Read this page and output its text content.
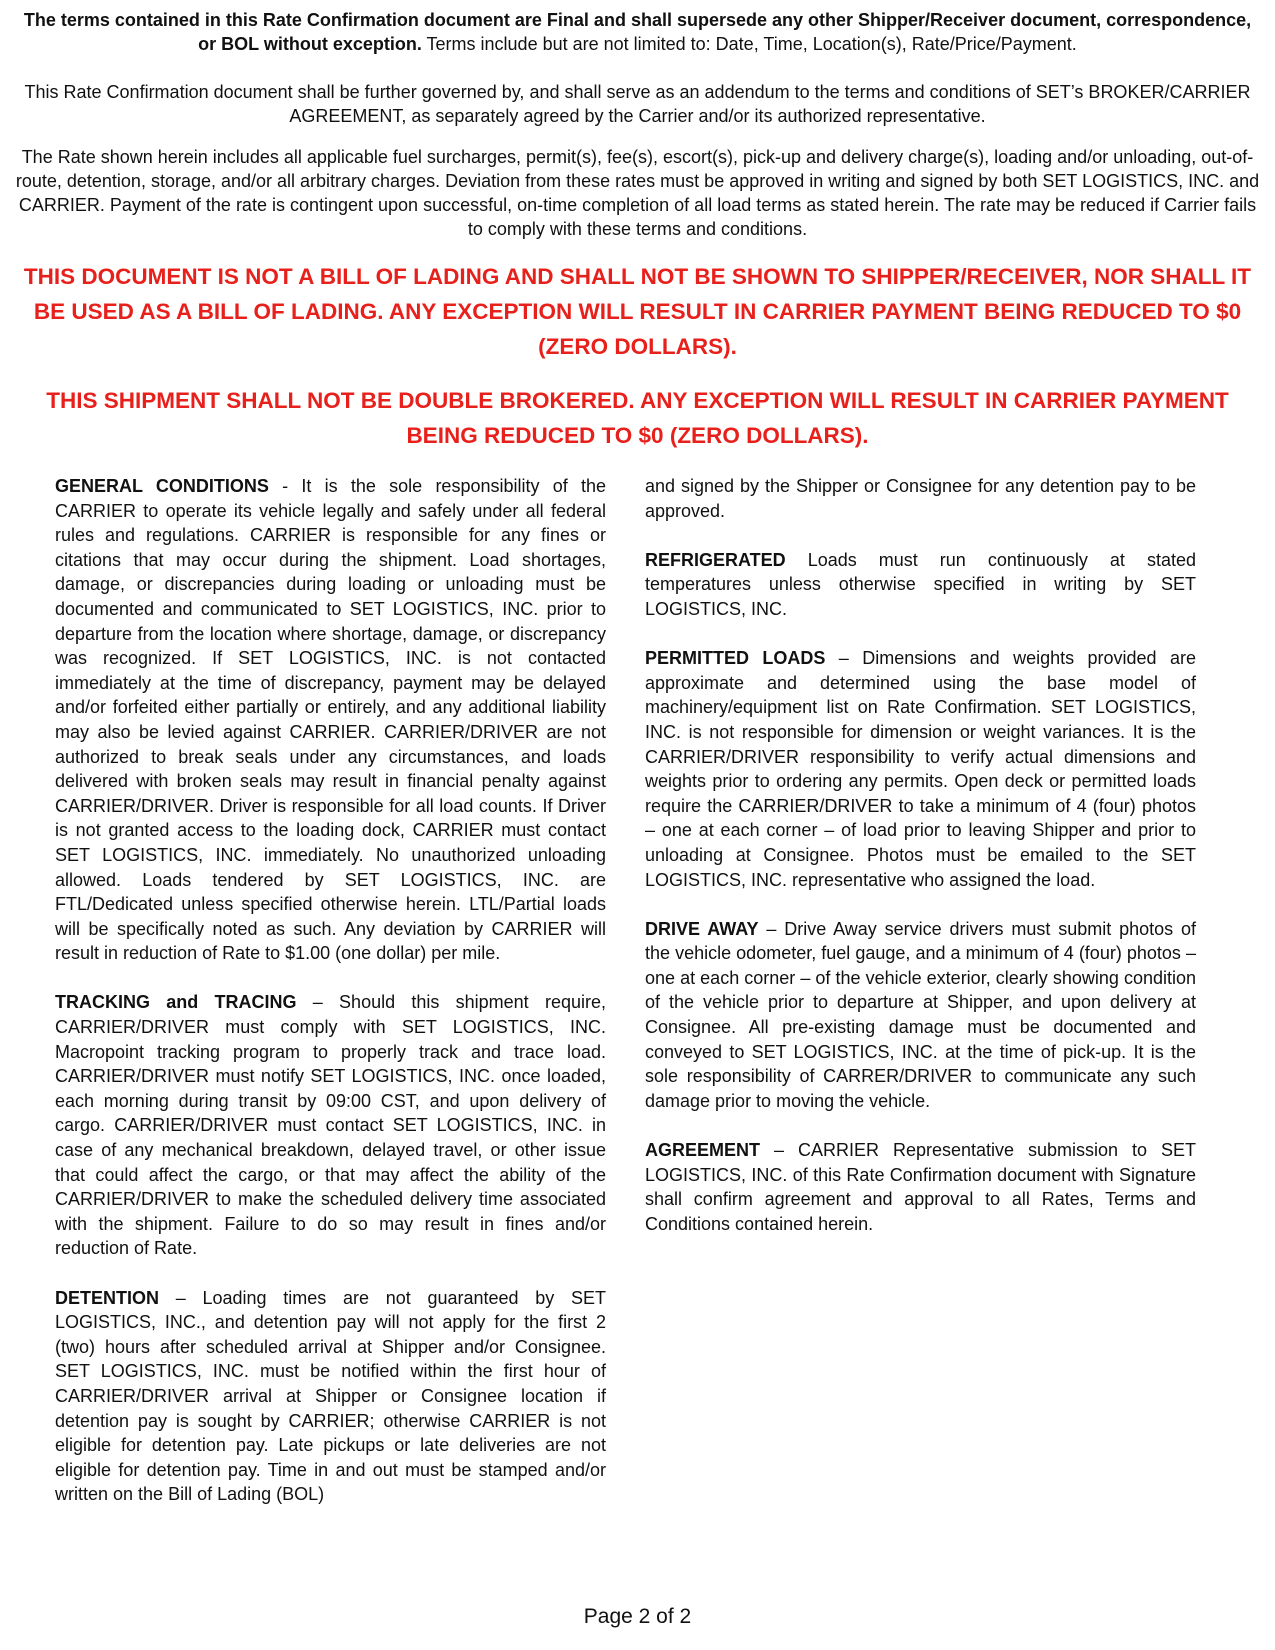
The terms contained in this Rate Confirmation document are Final and shall supersede any other Shipper/Receiver document, correspondence, or BOL without exception. Terms include but are not limited to: Date, Time, Location(s), Rate/Price/Payment.

This Rate Confirmation document shall be further governed by, and shall serve as an addendum to the terms and conditions of SET’s BROKER/CARRIER AGREEMENT, as separately agreed by the Carrier and/or its authorized representative.

The Rate shown herein includes all applicable fuel surcharges, permit(s), fee(s), escort(s), pick-up and delivery charge(s), loading and/or unloading, out-of-route, detention, storage, and/or all arbitrary charges. Deviation from these rates must be approved in writing and signed by both SET LOGISTICS, INC. and CARRIER. Payment of the rate is contingent upon successful, on-time completion of all load terms as stated herein. The rate may be reduced if Carrier fails to comply with these terms and conditions.

THIS DOCUMENT IS NOT A BILL OF LADING AND SHALL NOT BE SHOWN TO SHIPPER/RECEIVER, NOR SHALL IT BE USED AS A BILL OF LADING. ANY EXCEPTION WILL RESULT IN CARRIER PAYMENT BEING REDUCED TO $0 (ZERO DOLLARS).

THIS SHIPMENT SHALL NOT BE DOUBLE BROKERED. ANY EXCEPTION WILL RESULT IN CARRIER PAYMENT BEING REDUCED TO $0 (ZERO DOLLARS).

GENERAL CONDITIONS - It is the sole responsibility of the CARRIER to operate its vehicle legally and safely under all federal rules and regulations. CARRIER is responsible for any fines or citations that may occur during the shipment. Load shortages, damage, or discrepancies during loading or unloading must be documented and communicated to SET LOGISTICS, INC. prior to departure from the location where shortage, damage, or discrepancy was recognized. If SET LOGISTICS, INC. is not contacted immediately at the time of discrepancy, payment may be delayed and/or forfeited either partially or entirely, and any additional liability may also be levied against CARRIER. CARRIER/DRIVER are not authorized to break seals under any circumstances, and loads delivered with broken seals may result in financial penalty against CARRIER/DRIVER. Driver is responsible for all load counts. If Driver is not granted access to the loading dock, CARRIER must contact SET LOGISTICS, INC. immediately. No unauthorized unloading allowed. Loads tendered by SET LOGISTICS, INC. are FTL/Dedicated unless specified otherwise herein. LTL/Partial loads will be specifically noted as such. Any deviation by CARRIER will result in reduction of Rate to $1.00 (one dollar) per mile.

TRACKING and TRACING – Should this shipment require, CARRIER/DRIVER must comply with SET LOGISTICS, INC. Macropoint tracking program to properly track and trace load. CARRIER/DRIVER must notify SET LOGISTICS, INC. once loaded, each morning during transit by 09:00 CST, and upon delivery of cargo. CARRIER/DRIVER must contact SET LOGISTICS, INC. in case of any mechanical breakdown, delayed travel, or other issue that could affect the cargo, or that may affect the ability of the CARRIER/DRIVER to make the scheduled delivery time associated with the shipment. Failure to do so may result in fines and/or reduction of Rate.

DETENTION – Loading times are not guaranteed by SET LOGISTICS, INC., and detention pay will not apply for the first 2 (two) hours after scheduled arrival at Shipper and/or Consignee. SET LOGISTICS, INC. must be notified within the first hour of CARRIER/DRIVER arrival at Shipper or Consignee location if detention pay is sought by CARRIER; otherwise CARRIER is not eligible for detention pay. Late pickups or late deliveries are not eligible for detention pay. Time in and out must be stamped and/or written on the Bill of Lading (BOL)

and signed by the Shipper or Consignee for any detention pay to be approved.

REFRIGERATED Loads must run continuously at stated temperatures unless otherwise specified in writing by SET LOGISTICS, INC.

PERMITTED LOADS – Dimensions and weights provided are approximate and determined using the base model of machinery/equipment list on Rate Confirmation. SET LOGISTICS, INC. is not responsible for dimension or weight variances. It is the CARRIER/DRIVER responsibility to verify actual dimensions and weights prior to ordering any permits. Open deck or permitted loads require the CARRIER/DRIVER to take a minimum of 4 (four) photos – one at each corner – of load prior to leaving Shipper and prior to unloading at Consignee. Photos must be emailed to the SET LOGISTICS, INC. representative who assigned the load.

DRIVE AWAY – Drive Away service drivers must submit photos of the vehicle odometer, fuel gauge, and a minimum of 4 (four) photos – one at each corner – of the vehicle exterior, clearly showing condition of the vehicle prior to departure at Shipper, and upon delivery at Consignee. All pre-existing damage must be documented and conveyed to SET LOGISTICS, INC. at the time of pick-up. It is the sole responsibility of CARRER/DRIVER to communicate any such damage prior to moving the vehicle.

AGREEMENT – CARRIER Representative submission to SET LOGISTICS, INC. of this Rate Confirmation document with Signature shall confirm agreement and approval to all Rates, Terms and Conditions contained herein.

Page 2 of 2
